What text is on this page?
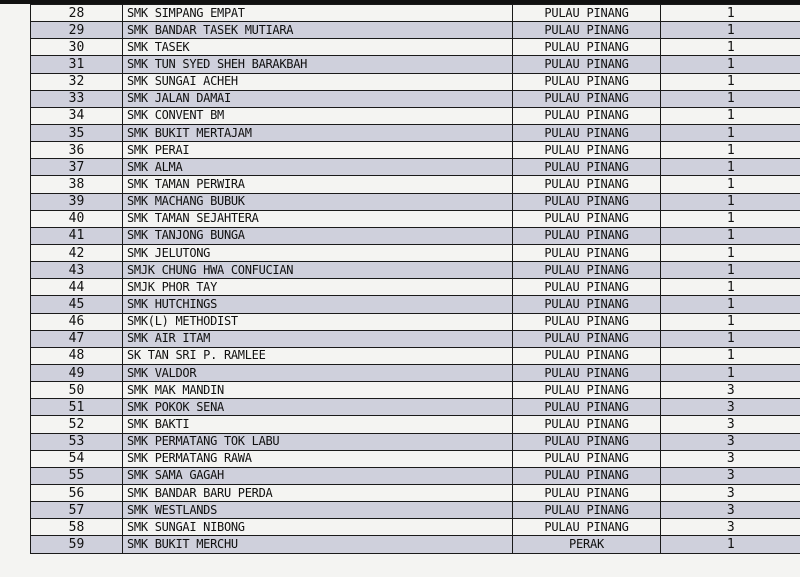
28	SMK SIMPANG EMPAT	PULAU PINANG	1
29	SMK BANDAR TASEK MUTIARA	PULAU PINANG	1
30	SMK TASEK	PULAU PINANG	1
31	SMK TUN SYED SHEH BARAKBAH	PULAU PINANG	1
32	SMK SUNGAI ACHEH	PULAU PINANG	1
33	SMK JALAN DAMAI	PULAU PINANG	1
34	SMK CONVENT BM	PULAU PINANG	1
35	SMK BUKIT MERTAJAM	PULAU PINANG	1
36	SMK PERAI	PULAU PINANG	1
37	SMK ALMA	PULAU PINANG	1
38	SMK TAMAN PERWIRA	PULAU PINANG	1
39	SMK MACHANG BUBUK	PULAU PINANG	1
40	SMK TAMAN SEJAHTERA	PULAU PINANG	1
41	SMK TANJONG BUNGA	PULAU PINANG	1
42	SMK JELUTONG	PULAU PINANG	1
43	SMJK CHUNG HWA CONFUCIAN	PULAU PINANG	1
44	SMJK PHOR TAY	PULAU PINANG	1
45	SMK HUTCHINGS	PULAU PINANG	1
46	SMK(L) METHODIST	PULAU PINANG	1
47	SMK AIR ITAM	PULAU PINANG	1
48	SK TAN SRI P. RAMLEE	PULAU PINANG	1
49	SMK VALDOR	PULAU PINANG	1
50	SMK MAK MANDIN	PULAU PINANG	3
51	SMK POKOK SENA	PULAU PINANG	3
52	SMK BAKTI	PULAU PINANG	3
53	SMK PERMATANG TOK LABU	PULAU PINANG	3
54	SMK PERMATANG RAWA	PULAU PINANG	3
55	SMK SAMA GAGAH	PULAU PINANG	3
56	SMK BANDAR BARU PERDA	PULAU PINANG	3
57	SMK WESTLANDS	PULAU PINANG	3
58	SMK SUNGAI NIBONG	PULAU PINANG	3
59	SMK BUKIT MERCHU	PERAK	1
